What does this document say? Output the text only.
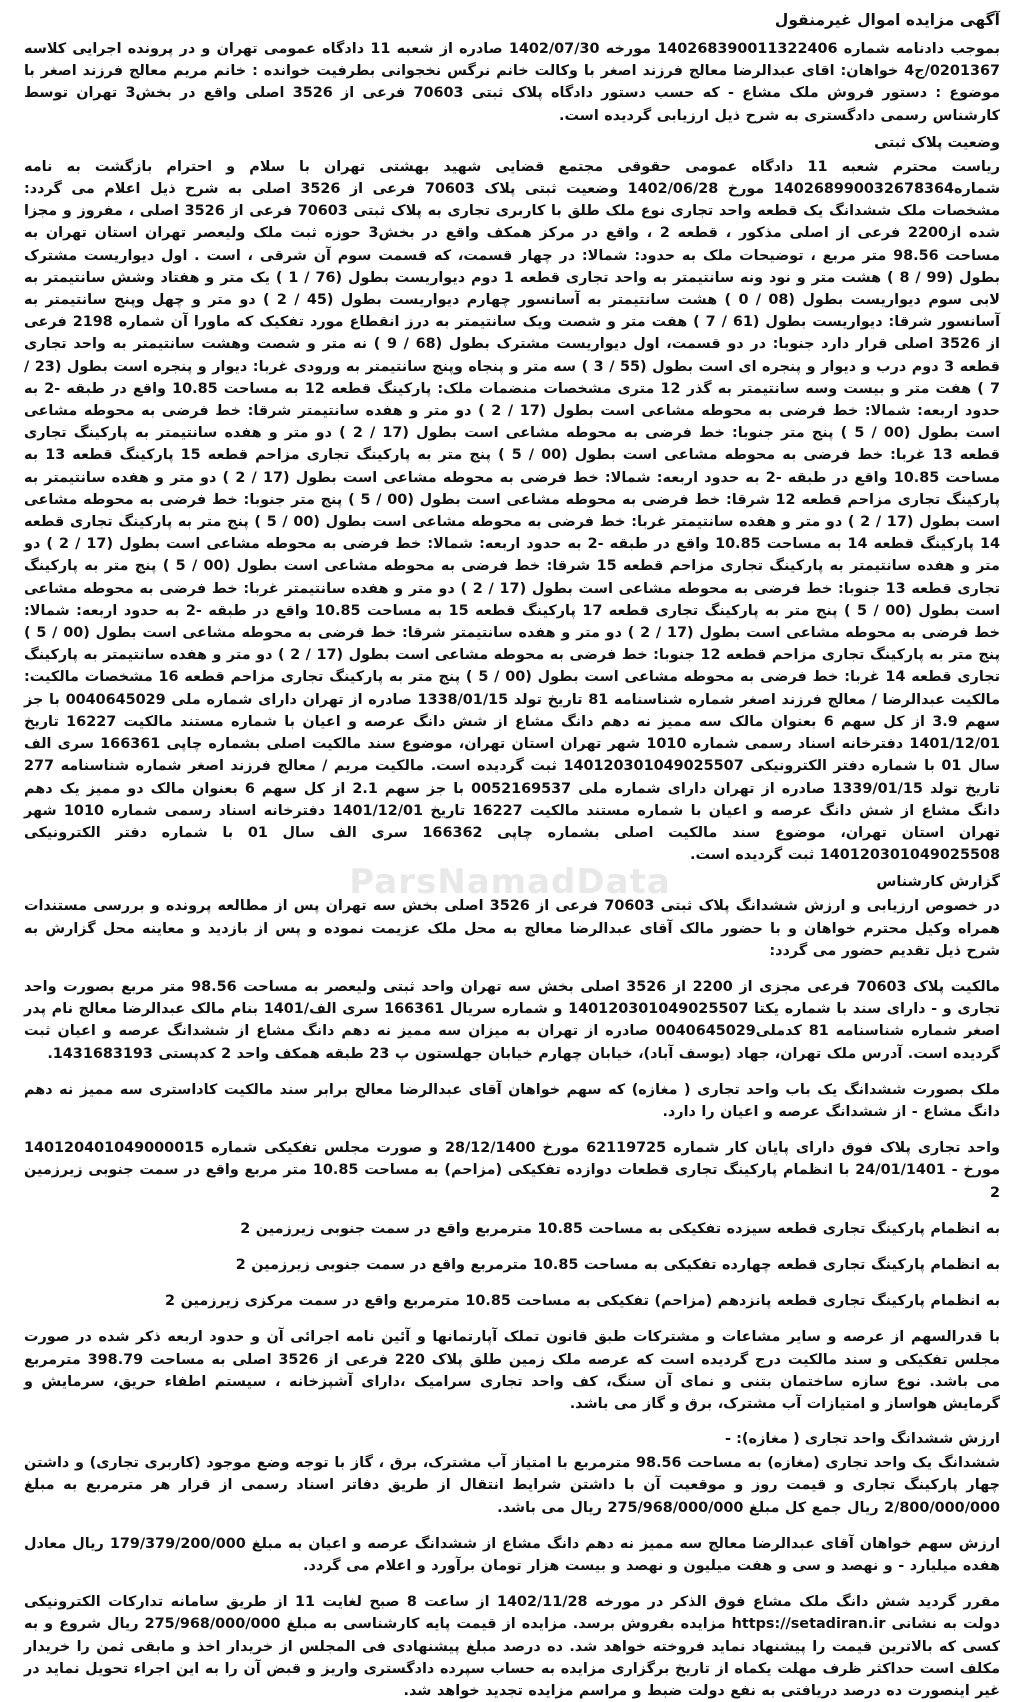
ParsNamadData
آگهی مزایده اموال غیرمنقول

بموجب دادنامه شماره 140268390011322406 مورخه 1402/07/30 صادره از شعبه 11 دادگاه عمومی تهران و در پرونده اجرایی کلاسه 0201367/ج4 خواهان: اقای عبدالرضا معالج فرزند اصغر با وکالت خانم نرگس نخجوانی بطرفیت خوانده : خانم مریم معالج فرزند اصغر با موضوع : دستور فروش ملک مشاع - که حسب دستور دادگاه پلاک ثبتی 70603 فرعی از 3526 اصلی واقع در بخش3 تهران توسط کارشناس رسمی دادگستری به شرح ذیل ارزیابی گردیده است.

وضعیت پلاک ثبتی

ریاست محترم شعبه 11 دادگاه عمومی حقوقی مجتمع قضایی شهید بهشتی تهران با سلام و احترام بازگشت به نامه شماره140268990032678364 مورخ 1402/06/28 وضعیت ثبتی پلاک 70603 فرعی از 3526 اصلی به شرح ذیل اعلام می گردد: مشخصات ملک ششدانگ یک قطعه واحد تجاری نوع ملک طلق با کاربری تجاری به پلاک ثبتی 70603 فرعی از 3526 اصلی ، مفروز و مجزا شده از2200 فرعی از اصلی مذکور ، قطعه 2 ، واقع در مرکز همکف واقع در بخش3 حوزه ثبت ملک ولیعصر تهران استان تهران به مساحت 98.56 متر مربع ، توضیحات ملک به حدود: شمالا: در چهار قسمت، که قسمت سوم آن شرقی ، است . اول دیواریست مشترک بطول (99 / 8 ) هشت متر و نود ونه سانتیمتر به واحد تجاری قطعه 1 دوم دیواریست بطول (76 / 1 ) یک متر و هفتاد وشش سانتیمتر به لابی سوم دیواریست بطول (08 / 0 ) هشت سانتیمتر به آسانسور چهارم دیواریست بطول (45 / 2 ) دو متر و چهل وپنج سانتیمتر به آسانسور شرقا: دیواریست بطول (61 / 7 ) هفت متر و شصت ویک سانتیمتر به درز انقطاع مورد تفکیک که ماورا آن شماره 2198 فرعی از 3526 اصلی قرار دارد جنوبا: در دو قسمت، اول دیواریست مشترک بطول (68 / 9 ) نه متر و شصت وهشت سانتیمتر به واحد تجاری قطعه 3 دوم درب و دیوار و پنجره ای است بطول (55 / 3 ) سه متر و پنجاه وپنج سانتیمتر به ورودی غربا: دیوار و پنجره است بطول (23 / 7 ) هفت متر و بیست وسه سانتیمتر به گذر 12 متری مشخصات منضمات ملک: پارکینگ قطعه 12 به مساحت 10.85 واقع در طبقه -2 به حدود اربعه: شمالا: خط فرضی به محوطه مشاعی است بطول (17 / 2 ) دو متر و هفده سانتیمتر شرقا: خط فرضی به محوطه مشاعی است بطول (00 / 5 ) پنج متر جنوبا: خط فرضی به محوطه مشاعی است بطول (17 / 2 ) دو متر و هفده سانتیمتر به پارکینگ تجاری قطعه 13 غربا: خط فرضی به محوطه مشاعی است بطول (00 / 5 ) پنج متر به پارکینگ تجاری مزاحم قطعه 15 پارکینگ قطعه 13 به مساحت 10.85 واقع در طبقه -2 به حدود اربعه: شمالا: خط فرضی به محوطه مشاعی است بطول (17 / 2 ) دو متر و هفده سانتیمتر به پارکینگ تجاری مزاحم قطعه 12 شرقا: خط فرضی به محوطه مشاعی است بطول (00 / 5 ) پنج متر جنوبا: خط فرضی به محوطه مشاعی است بطول (17 / 2 ) دو متر و هفده سانتیمتر غربا: خط فرضی به محوطه مشاعی است بطول (00 / 5 ) پنج متر به پارکینگ تجاری قطعه 14 پارکینگ قطعه 14 به مساحت 10.85 واقع در طبقه -2 به حدود اربعه: شمالا: خط فرضی به محوطه مشاعی است بطول (17 / 2 ) دو متر و هفده سانتیمتر به پارکینگ تجاری مزاحم قطعه 15 شرقا: خط فرضی به محوطه مشاعی است بطول (00 / 5 ) پنج متر به پارکینگ تجاری قطعه 13 جنوبا: خط فرضی به محوطه مشاعی است بطول (17 / 2 ) دو متر و هفده سانتیمتر غربا: خط فرضی به محوطه مشاعی است بطول (00 / 5 ) پنج متر به پارکینگ تجاری قطعه 17 پارکینگ قطعه 15 به مساحت 10.85 واقع در طبقه -2 به حدود اربعه: شمالا: خط فرضی به محوطه مشاعی است بطول (17 / 2 ) دو متر و هفده سانتیمتر شرقا: خط فرضی به محوطه مشاعی است بطول (00 / 5 ) پنج متر به پارکینگ تجاری مزاحم قطعه 12 جنوبا: خط فرضی به محوطه مشاعی است بطول (17 / 2 ) دو متر و هفده سانتیمتر به پارکینگ تجاری قطعه 14 غربا: خط فرضی به محوطه مشاعی است بطول (00 / 5 ) پنج متر به پارکینگ تجاری مزاحم قطعه 16 مشخصات مالکیت: مالکیت عبدالرضا / معالج فرزند اصغر شماره شناسنامه 81 تاریخ تولد 1338/01/15 صادره از تهران دارای شماره ملی 0040645029 با جز سهم 3.9 از کل سهم 6 بعنوان مالک سه ممیز نه دهم دانگ مشاع از شش دانگ عرصه و اعیان با شماره مستند مالکیت 16227 تاریخ 1401/12/01 دفترخانه اسناد رسمی شماره 1010 شهر تهران استان تهران، موضوع سند مالکیت اصلی بشماره چاپی 166361 سری الف سال 01 با شماره دفتر الکترونیکی 140120301049025507 ثبت گردیده است. مالکیت مریم / معالج فرزند اصغر شماره شناسنامه 277 تاریخ تولد 1339/01/15 صادره از تهران دارای شماره ملی 0052169537 با جز سهم 2.1 از کل سهم 6 بعنوان مالک دو ممیز یک دهم دانگ مشاع از شش دانگ عرصه و اعیان با شماره مستند مالکیت 16227 تاریخ 1401/12/01 دفترخانه اسناد رسمی شماره 1010 شهر تهران استان تهران، موضوع سند مالکیت اصلی بشماره چاپی 166362 سری الف سال 01 با شماره دفتر الکترونیکی 140120301049025508 ثبت گردیده است.

گزارش کارشناس

در خصوص ارزیابی و ارزش ششدانگ پلاک ثبتی 70603 فرعی از 3526 اصلی بخش سه تهران پس از مطالعه پرونده و بررسی مستندات همراه وکیل محترم خواهان و با حضور مالک آقای عبدالرضا معالج به محل ملک عزیمت نموده و پس از بازدید و معاینه محل گزارش به شرح ذیل تقدیم حضور می گردد:

مالکیت پلاک 70603 فرعی مجزی از 2200 از 3526 اصلی بخش سه تهران واحد ثبتی ولیعصر به مساحت 98.56 متر مربع بصورت واحد تجاری و - دارای سند با شماره یکتا 140120301049025507 و شماره سریال 166361 سری الف/1401 بنام مالک عبدالرضا معالج نام پدر اصغر شماره شناسنامه 81 کدملی0040645029 صادره از تهران به میزان سه ممیز نه دهم دانگ مشاع از ششدانگ عرصه و اعیان ثبت گردیده است. آدرس ملک تهران، جهاد (یوسف آباد)، خیابان چهارم خیابان جهلستون پ 23 طبقه همکف واحد 2 کدپستی 1431683193.

ملک بصورت ششدانگ یک باب واحد تجاری ( مغازه) که سهم خواهان آقای عبدالرضا معالج برابر سند مالکیت کاداستری سه ممیز نه دهم دانگ مشاع - از ششدانگ عرصه و اعیان را دارد.

واحد تجاری پلاک فوق دارای پایان کار شماره 62119725 مورخ 28/12/1400 و صورت مجلس تفکیکی شماره 140120401049000015 مورخ - 24/01/1401 با انظمام پارکینگ تجاری قطعات دوازده تفکیکی (مزاحم) به مساحت 10.85 متر مربع واقع در سمت جنوبی زیرزمین 2

به انظمام پارکینگ تجاری قطعه سیزده تفکیکی به مساحت 10.85 مترمربع واقع در سمت جنوبی زیرزمین 2

به انظمام پارکینگ تجاری قطعه چهارده تفکیکی به مساحت 10.85 مترمربع واقع در سمت جنوبی زیرزمین 2

به انظمام پارکینگ تجاری قطعه پانزدهم (مزاحم) تفکیکی به مساحت 10.85 مترمربع واقع در سمت مرکزی زیرزمین 2

با قدرالسهم از عرصه و سایر مشاعات و مشترکات طبق قانون تملک آپارتمانها و آئین نامه اجرائی آن و حدود اربعه ذکر شده در صورت مجلس تفکیکی و سند مالکیت درج گردیده است که عرصه ملک زمین طلق پلاک 220 فرعی از 3526 اصلی به مساحت 398.79 مترمربع می باشد. نوع سازه ساختمان بتنی و نمای آن سنگ، کف واحد تجاری سرامیک ،دارای آشپزخانه ، سیستم اطفاء حریق، سرمایش و گرمایش هواساز و امتیازات آب مشترک، برق و گاز می باشد.

ارزش ششدانگ واحد تجاری ( مغازه): -

ششدانگ یک واحد تجاری (مغازه) به مساحت 98.56 مترمربع با امتیاز آب مشترک، برق ، گاز با توجه وضع موجود (کاربری تجاری) و داشتن چهار پارکینگ تجاری و قیمت روز و موقعیت آن با داشتن شرایط انتقال از طریق دفاتر اسناد رسمی از قرار هر مترمربع به مبلغ 2/800/000/000 ریال جمع کل مبلغ 275/968/000/000 ریال می باشد.

ارزش سهم خواهان آقای عبدالرضا معالج سه ممیز نه دهم دانگ مشاع از ششدانگ عرصه و اعیان به مبلغ 179/379/200/000 ریال معادل هفده میلیارد - و نهصد و سی و هفت میلیون و نهصد و بیست هزار تومان برآورد و اعلام می گردد.

مقرر گردید شش دانگ ملک مشاع فوق الذکر در مورخه 1402/11/28 از ساعت 8 صبح لغایت 11 از طریق سامانه تدارکات الکترونیکی دولت به نشانی https://setadiran.ir مزایده بفروش برسد. مزایده از قیمت پایه کارشناسی به مبلغ 275/968/000/000 ریال شروع و به کسی که بالاترین قیمت را پیشنهاد نماید فروخته خواهد شد. ده درصد مبلغ پیشنهادی فی المجلس از خریدار اخذ و مابقی ثمن را خریدار مکلف است حداکثر ظرف مهلت یکماه از تاریخ برگزاری مزایده به حساب سپرده دادگستری واریز و قبض آن را به این اجراء تحویل نماید در غیر اینصورت ده درصد دریافتی به نفع دولت ضبط و مراسم مزایده تجدید خواهد شد.
